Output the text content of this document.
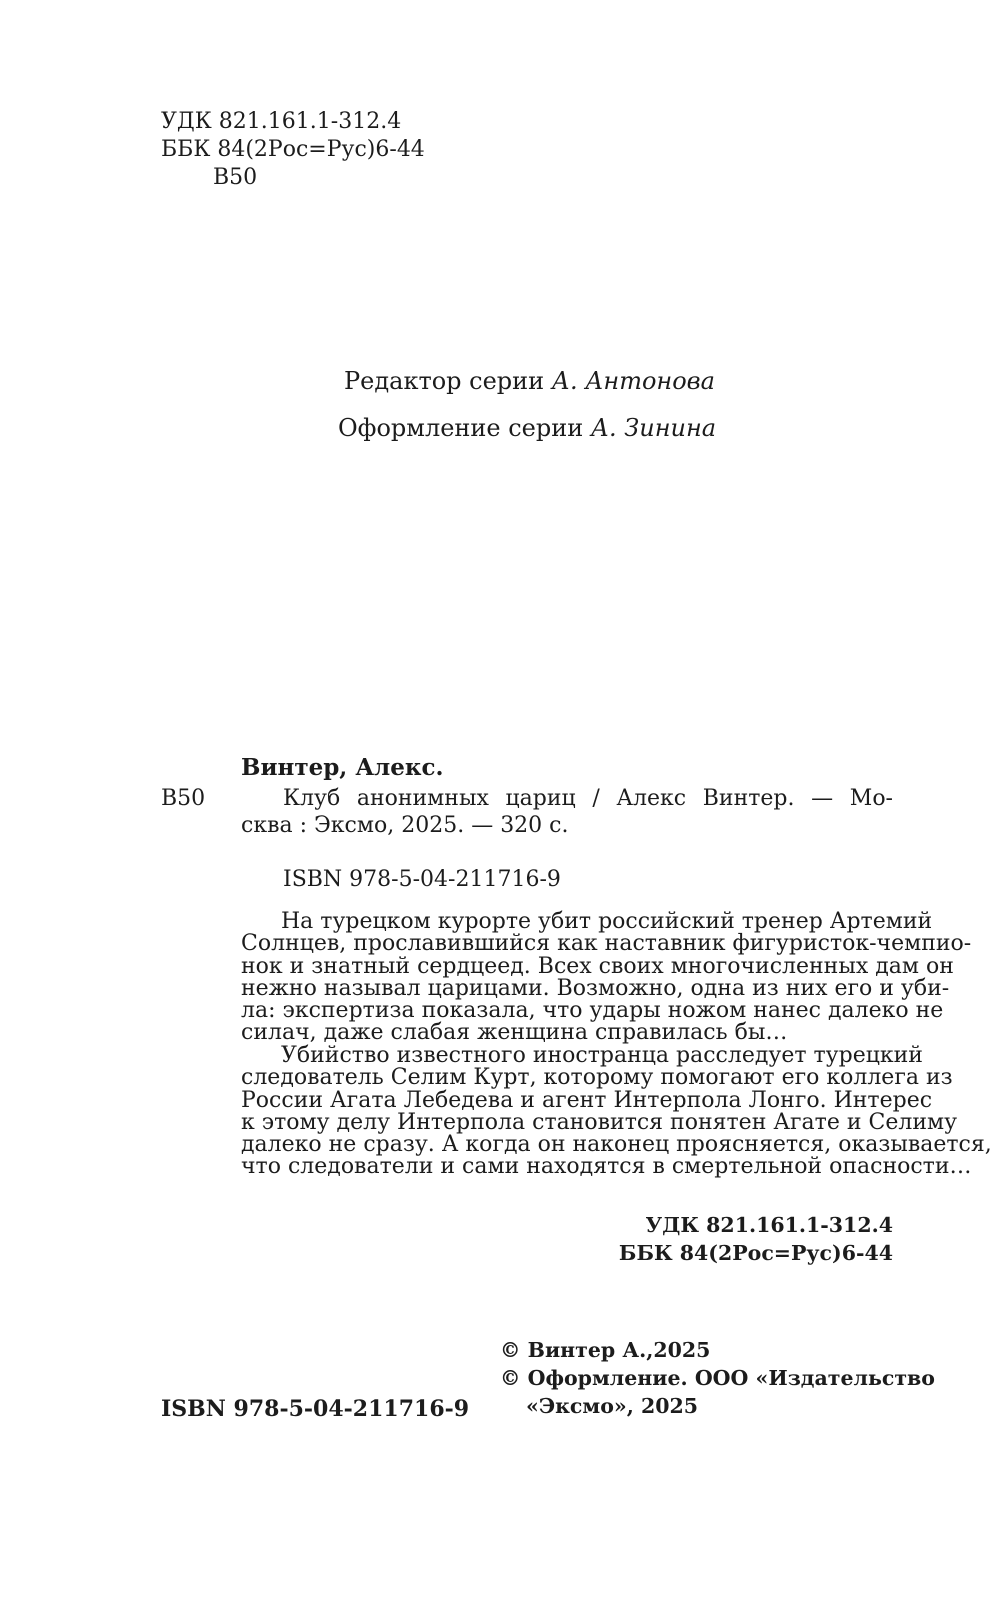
УДК 821.161.1-312.4
ББК 84(2Рос=Рус)6-44
В50
Редактор серии А. Антонова
Оформление серии А. Зинина
Винтер, Алекс.
В50	Клуб анонимных цариц / Алекс Винтер. — Мо-
сква : Эксмо, 2025. — 320 с.
ISBN 978-5-04-211716-9
На турецком курорте убит российский тренер Артемий
Солнцев, прославившийся как наставник фигуристок-чемпио-
нок и знатный сердцеед. Всех своих многочисленных дам он
нежно называл царицами. Возможно, одна из них его и уби-
ла: экспертиза показала, что удары ножом нанес далеко не
силач, даже слабая женщина справилась бы…
Убийство известного иностранца расследует турецкий
следователь Селим Курт, которому помогают его коллега из
России Агата Лебедева и агент Интерпола Лонго. Интерес
к этому делу Интерпола становится понятен Агате и Селиму
далеко не сразу. А когда он наконец проясняется, оказывается,
что следователи и сами находятся в смертельной опасности…
УДК 821.161.1-312.4
ББК 84(2Рос=Рус)6-44
© Винтер А.,2025
© Оформление. ООО «Издательство
«Эксмо», 2025
ISBN 978-5-04-211716-9
